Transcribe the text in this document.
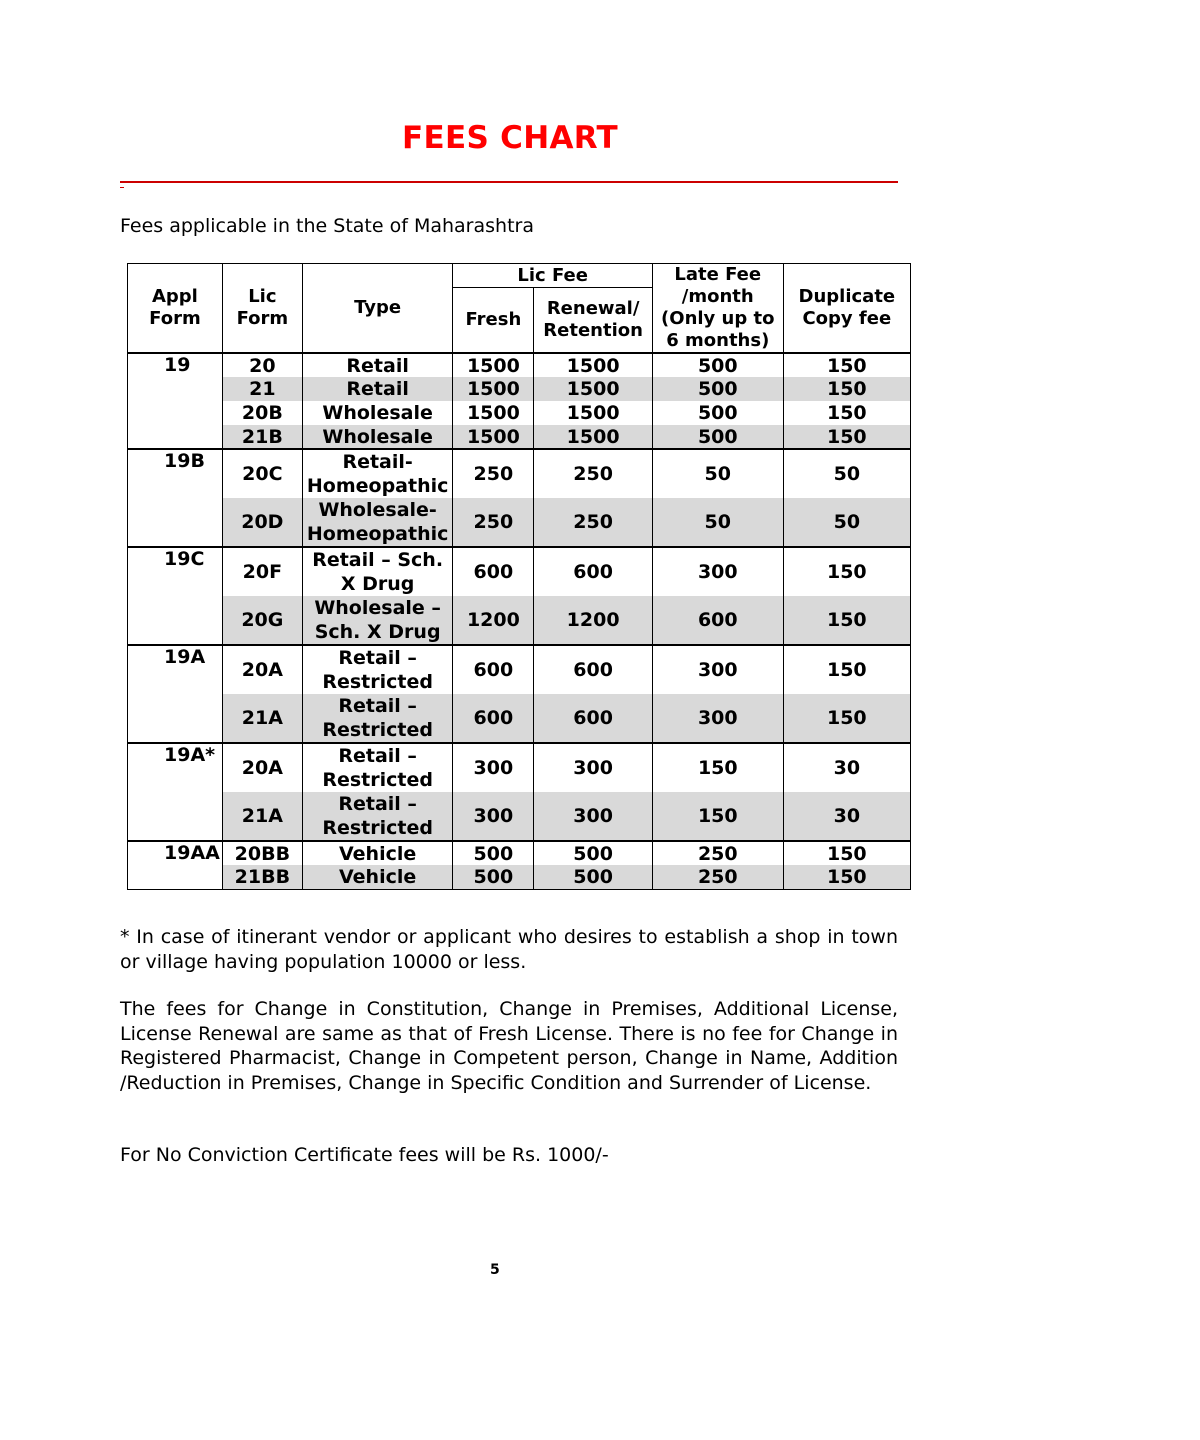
FEES CHART

Fees applicable in the State of Maharashtra

Appl Form	Lic Form	Type	Lic Fee		Late Fee /month (Only up to 6 months)	Duplicate Copy fee
			Fresh	Renewal/ Retention		
19	20	Retail	1500	1500	500	150
	21	Retail	1500	1500	500	150
	20B	Wholesale	1500	1500	500	150
	21B	Wholesale	1500	1500	500	150
19B	20C	Retail- Homeopathic	250	250	50	50
	20D	Wholesale- Homeopathic	250	250	50	50
19C	20F	Retail – Sch. X Drug	600	600	300	150
	20G	Wholesale – Sch. X Drug	1200	1200	600	150
19A	20A	Retail – Restricted	600	600	300	150
	21A	Retail – Restricted	600	600	300	150
19A*	20A	Retail – Restricted	300	300	150	30
	21A	Retail – Restricted	300	300	150	30
19AA	20BB	Vehicle	500	500	250	150
	21BB	Vehicle	500	500	250	150

* In case of itinerant vendor or applicant who desires to establish a shop in town or village having population 10000 or less.

The fees for Change in Constitution, Change in Premises, Additional License, License Renewal are same as that of Fresh License. There is no fee for Change in Registered Pharmacist, Change in Competent person, Change in Name, Addition /Reduction in Premises, Change in Specific Condition and Surrender of License.

For No Conviction Certificate fees will be Rs. 1000/-

5
